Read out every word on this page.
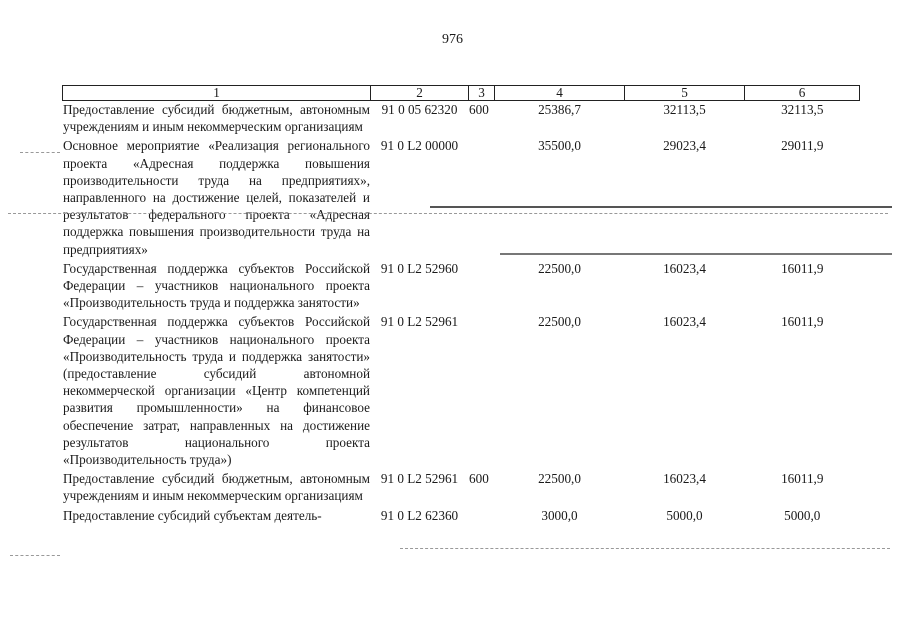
976
1	2	3	4	5	6
Предоставление субсидий бюджетным, автономным учреждениям и иным некоммерческим организациям	91 0 05 62320	600	25386,7	32113,5	32113,5
Основное мероприятие «Реализация регионального проекта «Адресная поддержка повышения производительности труда на предприятиях», направленного на достижение целей, показателей и результатов федерального проекта «Адресная поддержка повышения производительности труда на предприятиях»	91 0 L2 00000		35500,0	29023,4	29011,9
Государственная поддержка субъектов Российской Федерации – участников национального проекта «Производительность труда и поддержка занятости»	91 0 L2 52960		22500,0	16023,4	16011,9
Государственная поддержка субъектов Российской Федерации – участников национального проекта «Производительность труда и поддержка занятости» (предоставление субсидий автономной некоммерческой организации «Центр компетенций развития промышленности» на финансовое обеспечение затрат, направленных на достижение результатов национального проекта «Производительность труда»)	91 0 L2 52961		22500,0	16023,4	16011,9
Предоставление субсидий бюджетным, автономным учреждениям и иным некоммерческим организациям	91 0 L2 52961	600	22500,0	16023,4	16011,9
Предоставление субсидий субъектам деятель-	91 0 L2 62360		3000,0	5000,0	5000,0
